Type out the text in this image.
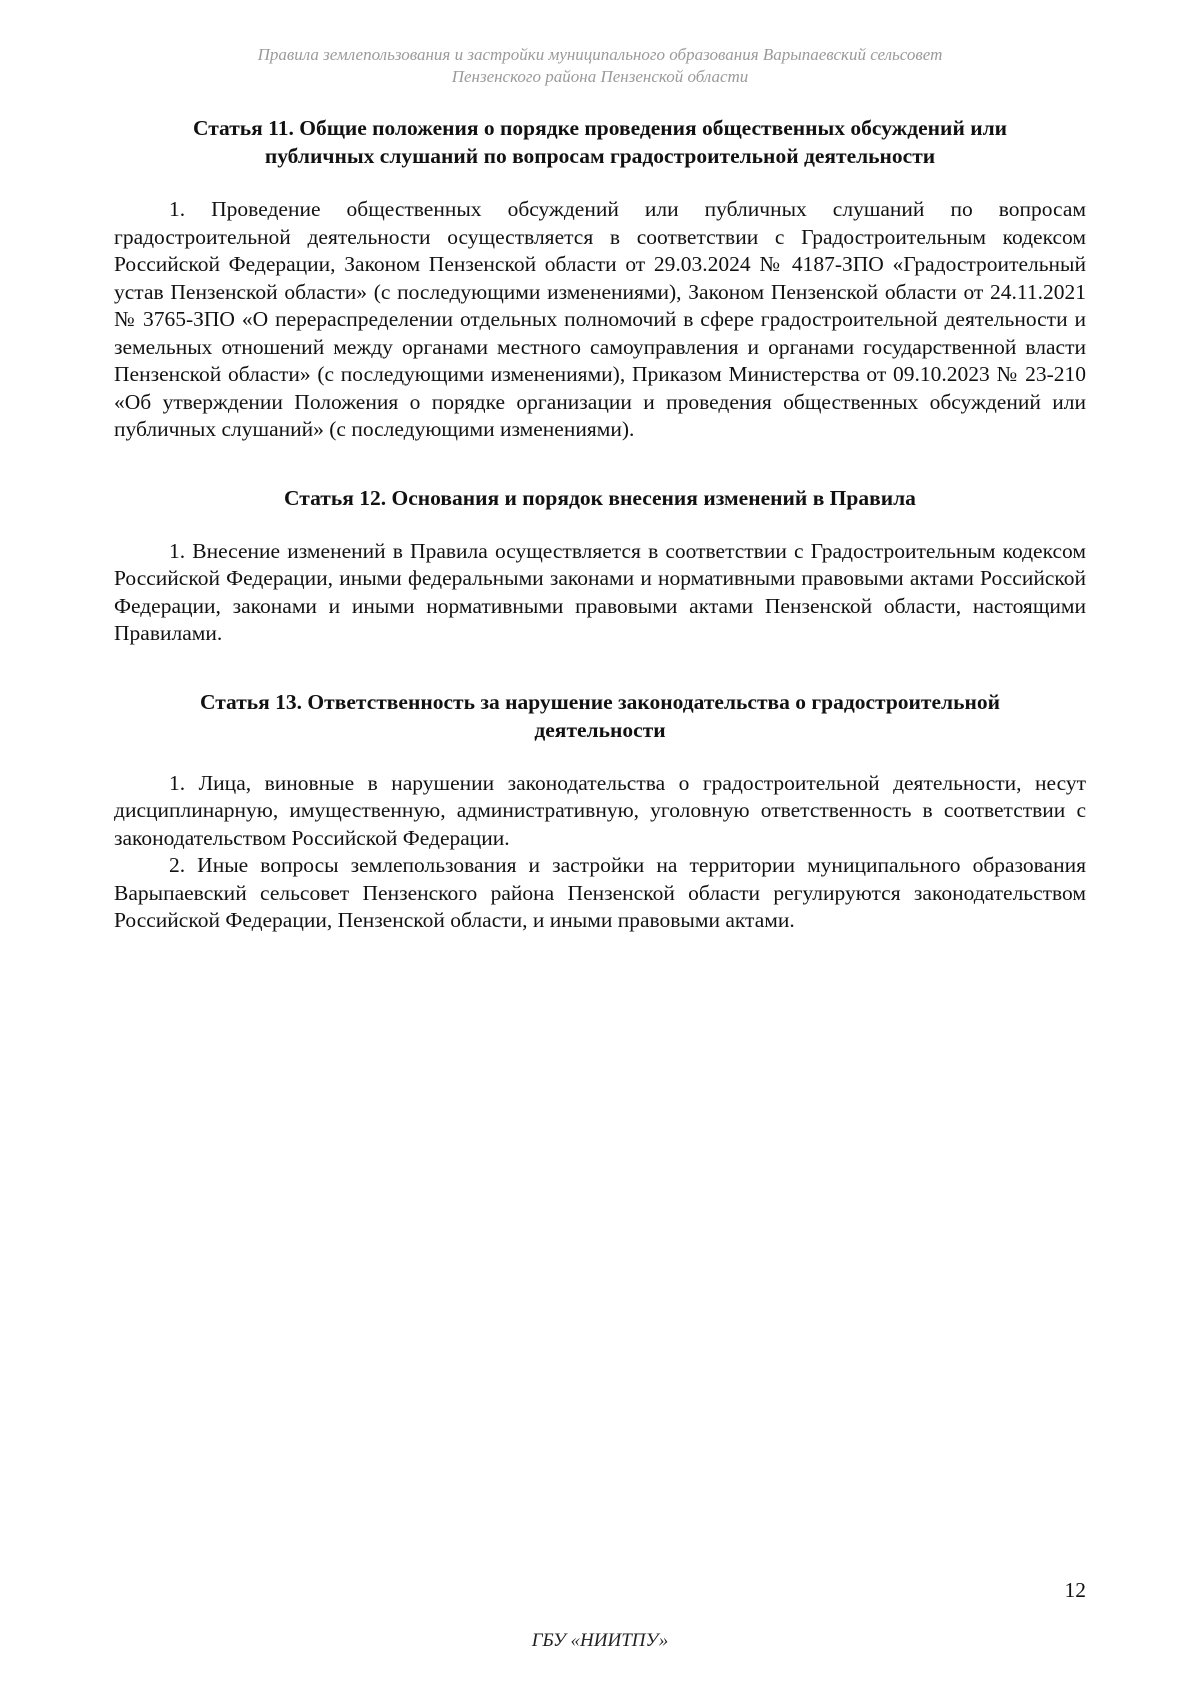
Правила землепользования и застройки муниципального образования Варыпаевский сельсовет
Пензенского района Пензенской области
Статья 11. Общие положения о порядке проведения общественных обсуждений или
публичных слушаний по вопросам градостроительной деятельности

1. Проведение общественных обсуждений или публичных слушаний по вопросам градостроительной деятельности осуществляется в соответствии с Градостроительным кодексом Российской Федерации, Законом Пензенской области от 29.03.2024 № 4187-ЗПО «Градостроительный устав Пензенской области» (с последующими изменениями), Законом Пензенской области от 24.11.2021 № 3765-ЗПО «О перераспределении отдельных полномочий в сфере градостроительной деятельности и земельных отношений между органами местного самоуправления и органами государственной власти Пензенской области» (с последующими изменениями), Приказом Министерства от 09.10.2023 № 23-210 «Об утверждении Положения о порядке организации и проведения общественных обсуждений или публичных слушаний» (с последующими изменениями).

Статья 12. Основания и порядок внесения изменений в Правила

1. Внесение изменений в Правила осуществляется в соответствии с Градостроительным кодексом Российской Федерации, иными федеральными законами и нормативными правовыми актами Российской Федерации, законами и иными нормативными правовыми актами Пензенской области, настоящими Правилами.

Статья 13. Ответственность за нарушение законодательства о градостроительной
деятельности

1. Лица, виновные в нарушении законодательства о градостроительной деятельности, несут дисциплинарную, имущественную, административную, уголовную ответственность в соответствии с законодательством Российской Федерации.

2. Иные вопросы землепользования и застройки на территории муниципального образования Варыпаевский сельсовет Пензенского района Пензенской области регулируются законодательством Российской Федерации, Пензенской области, и иными правовыми актами.

12
ГБУ «НИИТПУ»
